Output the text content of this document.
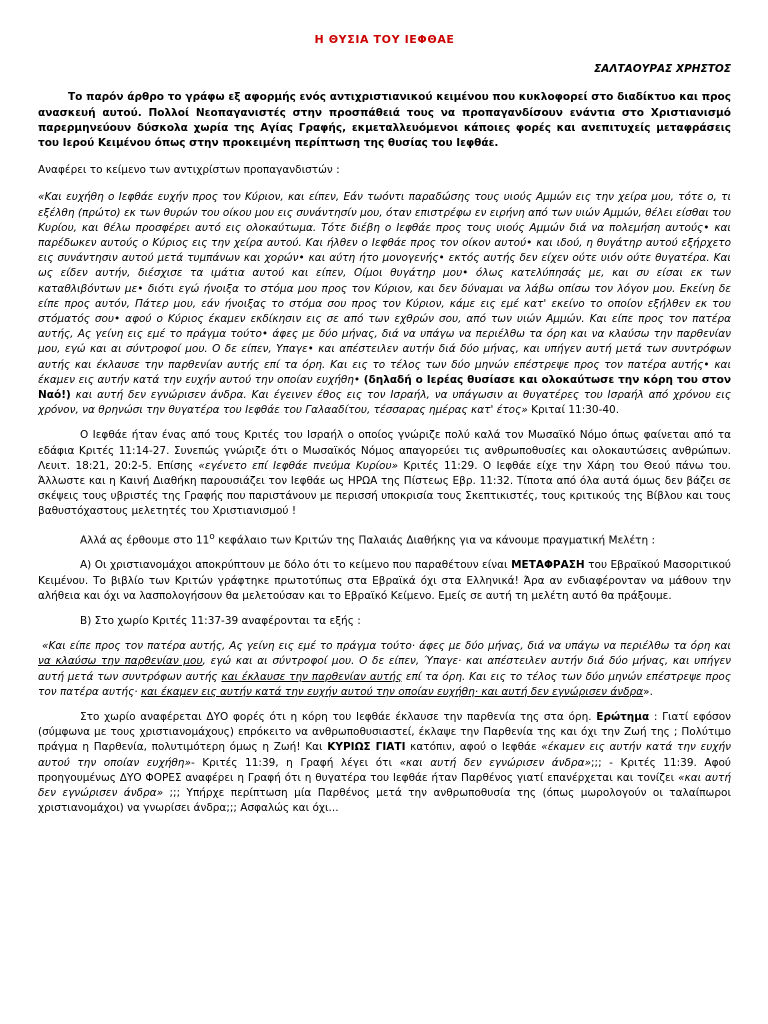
Η ΘΥΣΙΑ ΤΟΥ ΙΕΦΘΑΕ
ΣΑΛΤΑΟΥΡΑΣ ΧΡΗΣΤΟΣ

Το παρόν άρθρο το γράφω εξ αφορμής ενός αντιχριστιανικού κειμένου που κυκλοφορεί στο διαδίκτυο και προς ανασκευή αυτού. Πολλοί Νεοπαγανιστές στην προσπάθειά τους να προπαγανδίσουν ενάντια στο Χριστιανισμό παρερμηνεύουν δύσκολα χωρία της Αγίας Γραφής, εκμεταλλευόμενοι κάποιες φορές και ανεπιτυχείς μεταφράσεις του Ιερού Κειμένου όπως στην προκειμένη περίπτωση της θυσίας του Ιεφθάε.

Αναφέρει το κείμενο των αντιχρίστων προπαγανδιστών :

«Και ευχήθη ο Ιεφθάε ευχήν προς τον Κύριον, και είπεν, Εάν τωόντι παραδώσης τους υιούς Αμμών εις την χείρα μου, τότε ο, τι εξέλθη (πρώτο) εκ των θυρών του οίκου μου εις συνάντησίν μου, όταν επιστρέφω εν ειρήνη από των υιών Αμμών, θέλει είσθαι του Κυρίου, και θέλω προσφέρει αυτό εις ολοκαύτωμα. Τότε διέβη ο Ιεφθάε προς τους υιούς Αμμών διά να πολεμήση αυτούς• και παρέδωκεν αυτούς ο Κύριος εις την χείρα αυτού. Και ήλθεν ο Ιεφθάε προς τον οίκον αυτού• και ιδού, η θυγάτηρ αυτού εξήρχετο εις συνάντησιν αυτού μετά τυμπάνων και χορών• και αύτη ήτο μονογενής• εκτός αυτής δεν είχεν ούτε υιόν ούτε θυγατέρα. Και ως είδεν αυτήν, διέσχισε τα ιμάτια αυτού και είπεν, Οίμοι θυγάτηρ μου• όλως κατελύπησάς με, και συ είσαι εκ των καταθλιβόντων με• διότι εγώ ήνοιξα το στόμα μου προς τον Κύριον, και δεν δύναμαι να λάβω οπίσω τον λόγον μου. Εκείνη δε είπε προς αυτόν, Πάτερ μου, εάν ήνοιξας το στόμα σου προς τον Κύριον, κάμε εις εμέ κατ' εκείνο το οποίον εξήλθεν εκ του στόματός σου• αφού ο Κύριος έκαμεν εκδίκησιν εις σε από των εχθρών σου, από των υιών Αμμών. Και είπε προς τον πατέρα αυτής, Ας γείνη εις εμέ το πράγμα τούτο• άφες με δύο μήνας, διά να υπάγω να περιέλθω τα όρη και να κλαύσω την παρθενίαν μου, εγώ και αι σύντροφοί μου. Ο δε είπεν, Υπαγε• και απέστειλεν αυτήν διά δύο μήνας, και υπήγεν αυτή μετά των συντρόφων αυτής και έκλαυσε την παρθενίαν αυτής επί τα όρη. Και εις το τέλος των δύο μηνών επέστρεψε προς τον πατέρα αυτής• και έκαμεν εις αυτήν κατά την ευχήν αυτού την οποίαν ευχήθη• (δηλαδή ο Ιερέας θυσίασε και ολοκαύτωσε την κόρη του στον Ναό!) και αυτή δεν εγνώρισεν άνδρα. Και έγεινεν έθος εις τον Ισραήλ, να υπάγωσιν αι θυγατέρες του Ισραήλ από χρόνου εις χρόνον, να θρηνώσι την θυγατέρα του Ιεφθάε του Γαλααδίτου, τέσσαρας ημέρας κατ' έτος» Κριταί 11:30-40.

Ο Ιεφθάε ήταν ένας από τους Κριτές του Ισραήλ ο οποίος γνώριζε πολύ καλά τον Μωσαϊκό Νόμο όπως φαίνεται από τα εδάφια Κριτές 11:14-27. Συνεπώς γνώριζε ότι ο Μωσαϊκός Νόμος απαγορεύει τις ανθρωποθυσίες και ολοκαυτώσεις ανθρώπων. Λευιτ. 18:21, 20:2-5. Επίσης «εγένετο επί Ιεφθάε πνεύμα Κυρίου» Κριτές 11:29. Ο Ιεφθάε είχε την Χάρη του Θεού πάνω του. Άλλωστε και η Καινή Διαθήκη παρουσιάζει τον Ιεφθάε ως ΗΡΩΑ της Πίστεως Εβρ. 11:32. Τίποτα από όλα αυτά όμως δεν βάζει σε σκέψεις τους υβριστές της Γραφής που παριστάνουν με περισσή υποκρισία τους Σκεπτικιστές, τους κριτικούς της Βίβλου και τους βαθυστόχαστους μελετητές του Χριστιανισμού !

Αλλά ας έρθουμε στο $11^o$ κεφάλαιο των Κριτών της Παλαιάς Διαθήκης για να κάνουμε πραγματική Μελέτη :

Α) Οι χριστιανομάχοι αποκρύπτουν με δόλο ότι το κείμενο που παραθέτουν είναι ΜΕΤΑΦΡΑΣΗ του Εβραϊκού Μασοριτικού Κειμένου. Το βιβλίο των Κριτών γράφτηκε πρωτοτύπως στα Εβραϊκά όχι στα Ελληνικά! Άρα αν ενδιαφέρονταν να μάθουν την αλήθεια και όχι να λασπολογήσουν θα μελετούσαν και το Εβραϊκό Κείμενο. Εμείς σε αυτή τη μελέτη αυτό θα πράξουμε.

Β) Στο χωρίο Κριτές 11:37-39 αναφέρονται τα εξής :

«Και είπε προς τον πατέρα αυτής, Ας γείνη εις εμέ το πράγμα τούτο· άφες με δύο μήνας, διά να υπάγω να περιέλθω τα όρη και να κλαύσω την παρθενίαν μου, εγώ και αι σύντροφοί μου. Ο δε είπεν, Ύπαγε· και απέστειλεν αυτήν διά δύο μήνας, και υπήγεν αυτή μετά των συντρόφων αυτής και έκλαυσε την παρθενίαν αυτής επί τα όρη. Και εις το τέλος των δύο μηνών επέστρεψε προς τον πατέρα αυτής· και έκαμεν εις αυτήν κατά την ευχήν αυτού την οποίαν ευχήθη· και αυτή δεν εγνώρισεν άνδρα».

Στο χωρίο αναφέρεται ΔΥΟ φορές ότι η κόρη του Ιεφθάε έκλαυσε την παρθενία της στα όρη. Ερώτημα : Γιατί εφόσον (σύμφωνα με τους χριστιανομάχους) επρόκειτο να ανθρωποθυσιαστεί, έκλαψε την Παρθενία της και όχι την Ζωή της ; Πολύτιμο πράγμα η Παρθενία, πολυτιμότερη όμως η Ζωή! Και ΚΥΡΙΩΣ ΓΙΑΤΙ κατόπιν, αφού ο Ιεφθάε «έκαμεν εις αυτήν κατά την ευχήν αυτού την οποίαν ευχήθη»- Κριτές 11:39, η Γραφή λέγει ότι «και αυτή δεν εγνώρισεν άνδρα»;;; - Κριτές 11:39. Αφού προηγουμένως ΔΥΟ ΦΟΡΕΣ αναφέρει η Γραφή ότι η θυγατέρα του Ιεφθάε ήταν Παρθένος γιατί επανέρχεται και τονίζει «και αυτή δεν εγνώρισεν άνδρα» ;;; Υπήρχε περίπτωση μία Παρθένος μετά την ανθρωποθυσία της (όπως μωρολογούν οι ταλαίπωροι χριστιανομάχοι) να γνωρίσει άνδρα;;; Ασφαλώς και όχι...
